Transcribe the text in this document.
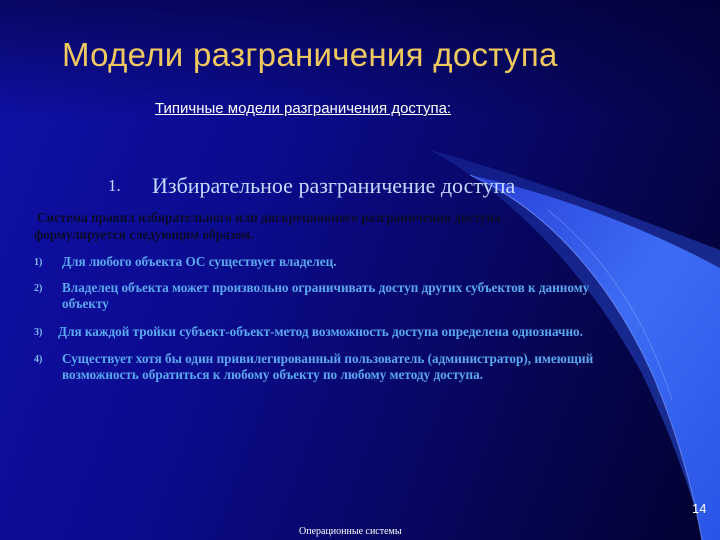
Модели разграничения доступа
Типичные модели разграничения доступа:
1. Избирательное разграничение доступа
Система правил избирательного или дискреционного разграничения доступа
формулируется следующим образом.
1) Для любого объекта ОС существует владелец.
2) Владелец объекта может произвольно ограничивать доступ других субъектов к данному
объекту
3) Для каждой тройки субъект-объект-метод возможность доступа определена однозначно.
4) Существует хотя бы один привилегированный пользователь (администратор), имеющий
возможность обратиться к любому объекту по любому методу доступа.
14
Операционные системы
